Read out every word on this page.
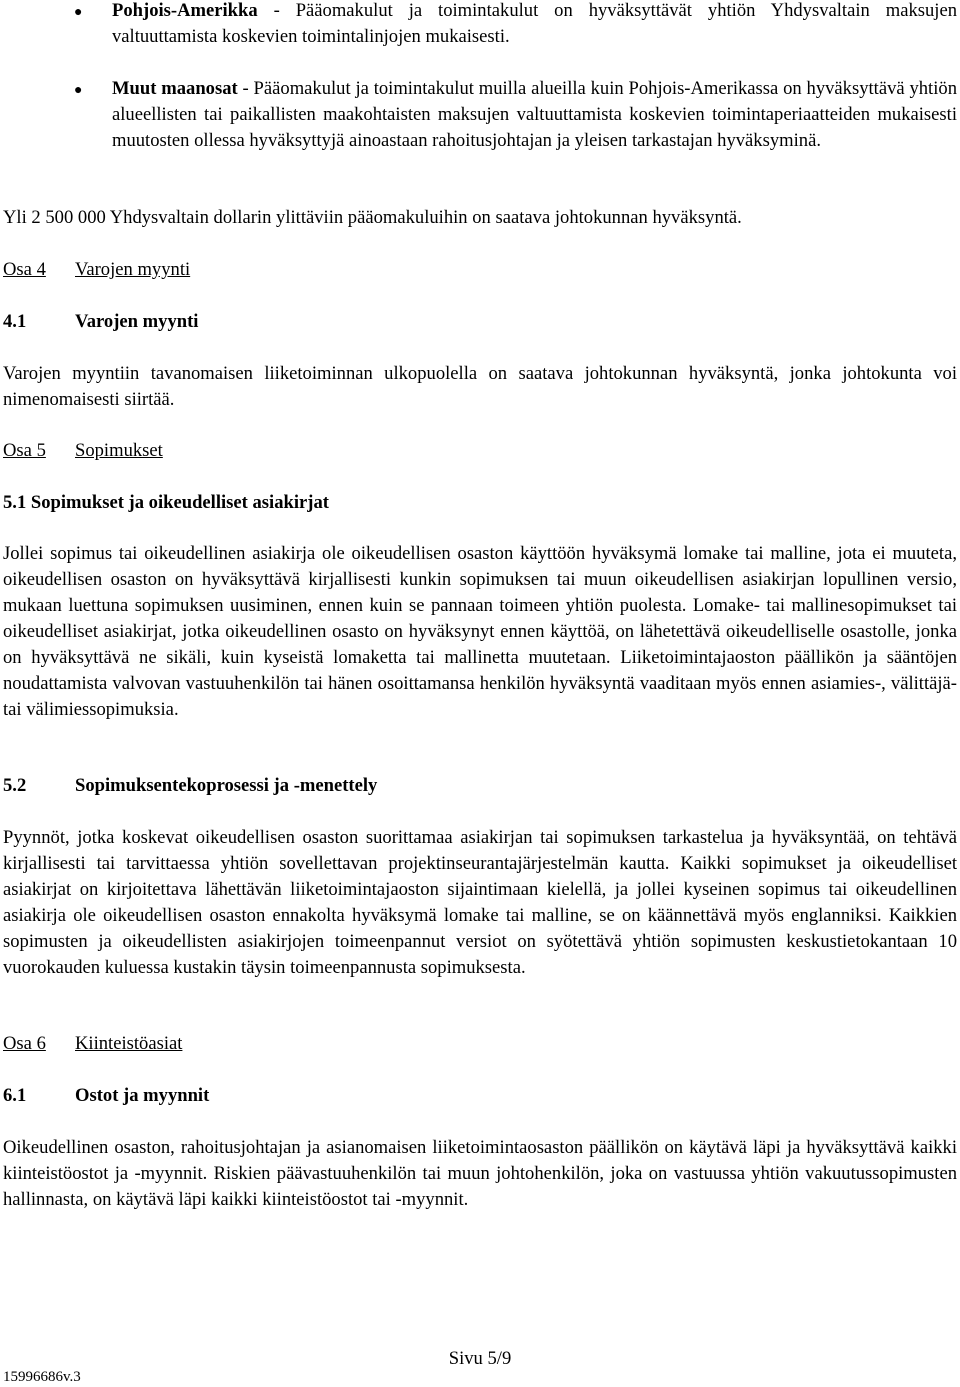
● Pohjois-Amerikka - Pääomakulut ja toimintakulut on hyväksyttävät yhtiön Yhdysvaltain maksujen valtuuttamista koskevien toimintalinjojen mukaisesti.

● Muut maanosat - Pääomakulut ja toimintakulut muilla alueilla kuin Pohjois-Amerikassa on hyväksyttävä yhtiön alueellisten tai paikallisten maakohtaisten maksujen valtuuttamista koskevien toimintaperiaatteiden mukaisesti muutosten ollessa hyväksyttyjä ainoastaan rahoitusjohtajan ja yleisen tarkastajan hyväksyminä.

Yli 2 500 000 Yhdysvaltain dollarin ylittäviin pääomakuluihin on saatava johtokunnan hyväksyntä.

Osa 4 Varojen myynti

4.1	Varojen myynti

Varojen myyntiin tavanomaisen liiketoiminnan ulkopuolella on saatava johtokunnan hyväksyntä, jonka johtokunta voi nimenomaisesti siirtää.

Osa 5 Sopimukset

5.1 Sopimukset ja oikeudelliset asiakirjat

Jollei sopimus tai oikeudellinen asiakirja ole oikeudellisen osaston käyttöön hyväksymä lomake tai malline, jota ei muuteta, oikeudellisen osaston on hyväksyttävä kirjallisesti kunkin sopimuksen tai muun oikeudellisen asiakirjan lopullinen versio, mukaan luettuna sopimuksen uusiminen, ennen kuin se pannaan toimeen yhtiön puolesta. Lomake- tai mallinesopimukset tai oikeudelliset asiakirjat, jotka oikeudellinen osasto on hyväksynyt ennen käyttöä, on lähetettävä oikeudelliselle osastolle, jonka on hyväksyttävä ne sikäli, kuin kyseistä lomaketta tai mallinetta muutetaan. Liiketoimintajaoston päällikön ja sääntöjen noudattamista valvovan vastuuhenkilön tai hänen osoittamansa henkilön hyväksyntä vaaditaan myös ennen asiamies-, välittäjä- tai välimiessopimuksia.

5.2	Sopimuksentekoprosessi ja -menettely

Pyynnöt, jotka koskevat oikeudellisen osaston suorittamaa asiakirjan tai sopimuksen tarkastelua ja hyväksyntää, on tehtävä kirjallisesti tai tarvittaessa yhtiön sovellettavan projektinseurantajärjestelmän kautta. Kaikki sopimukset ja oikeudelliset asiakirjat on kirjoitettava lähettävän liiketoimintajaoston sijaintimaan kielellä, ja jollei kyseinen sopimus tai oikeudellinen asiakirja ole oikeudellisen osaston ennakolta hyväksymä lomake tai malline, se on käännettävä myös englanniksi. Kaikkien sopimusten ja oikeudellisten asiakirjojen toimeenpannut versiot on syötettävä yhtiön sopimusten keskustietokantaan 10 vuorokauden kuluessa kustakin täysin toimeenpannusta sopimuksesta.

Osa 6 Kiinteistöasiat

6.1	Ostot ja myynnit

Oikeudellinen osaston, rahoitusjohtajan ja asianomaisen liiketoimintaosaston päällikön on käytävä läpi ja hyväksyttävä kaikki kiinteistöostot ja -myynnit. Riskien päävastuuhenkilön tai muun johtohenkilön, joka on vastuussa yhtiön vakuutussopimusten hallinnasta, on käytävä läpi kaikki kiinteistöostot tai -myynnit.

Sivu 5/9
15996686v.3
